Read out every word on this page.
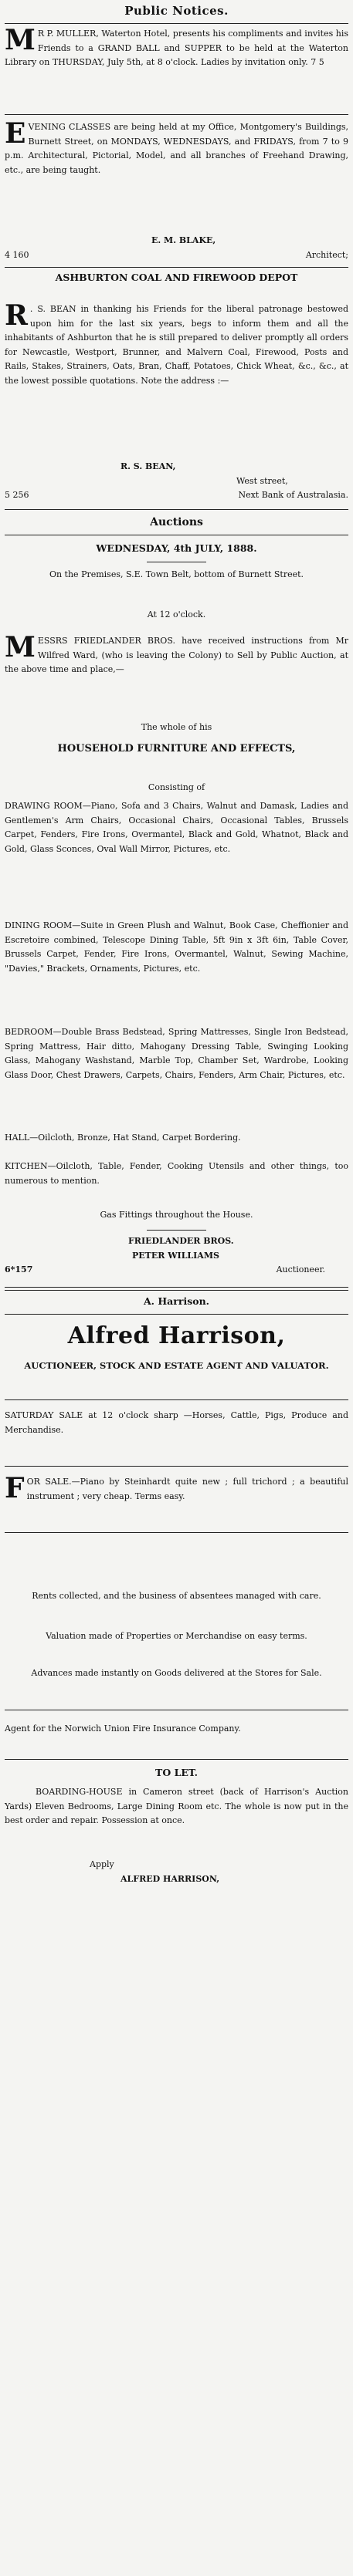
Public Notices.

M R P. MULLER, Waterton Hotel, presents his compliments and invites his Friends to a GRAND BALL and SUPPER to be held at the Waterton Library on THURSDAY, July 5th, at 8 o'clock. Ladies by invitation only. 7 5
E VENING CLASSES are being held at my Office, Montgomery's Buildings, Burnett Street, on MONDAYS, WEDNESDAYS, and FRIDAYS, from 7 to 9 p.m. Architectural, Pictorial, Model, and all branches of Freehand Drawing, etc., are being taught.

E. M. BLAKE,

4 160	Architect;

ASHBURTON COAL AND FIREWOOD DEPOT

R . S. BEAN in thanking his Friends for the liberal patronage bestowed upon him for the last six years, begs to inform them and all the inhabitants of Ashburton that he is still prepared to deliver promptly all orders for Newcastle, Westport, Brunner, and Malvern Coal, Firewood, Posts and Rails, Stakes, Strainers, Oats, Bran, Chaff, Potatoes, Chick Wheat, &c., &c., at the lowest possible quotations. Note the address :—

R. S. BEAN,

West street,

5 256	Next Bank of Australasia.

Auctions

WEDNESDAY, 4th JULY, 1888.

On the Premises, S.E. Town Belt, bottom of Burnett Street.

At 12 o'clock.

M ESSRS FRIEDLANDER BROS. have received instructions from Mr Wilfred Ward, (who is leaving the Colony) to Sell by Public Auction, at the above time and place,—

The whole of his

HOUSEHOLD FURNITURE AND EFFECTS,

Consisting of

DRAWING ROOM—Piano, Sofa and 3 Chairs, Walnut and Damask, Ladies and Gentlemen's Arm Chairs, Occasional Chairs, Occasional Tables, Brussels Carpet, Fenders, Fire Irons, Overmantel, Black and Gold, Whatnot, Black and Gold, Glass Sconces, Oval Wall Mirror, Pictures, etc.

DINING ROOM—Suite in Green Plush and Walnut, Book Case, Cheffionier and Escretoire combined, Telescope Dining Table, 5ft 9in x 3ft 6in, Table Cover, Brussels Carpet, Fender, Fire Irons, Overmantel, Walnut, Sewing Machine, "Davies," Brackets, Ornaments, Pictures, etc.

BEDROOM—Double Brass Bedstead, Spring Mattresses, Single Iron Bedstead, Spring Mattress, Hair ditto, Mahogany Dressing Table, Swinging Looking Glass, Mahogany Washstand, Marble Top, Chamber Set, Wardrobe, Looking Glass Door, Chest Drawers, Carpets, Chairs, Fenders, Arm Chair, Pictures, etc.

HALL—Oilcloth, Bronze, Hat Stand, Carpet Bordering.

KITCHEN—Oilcloth, Table, Fender, Cooking Utensils and other things, too numerous to mention.

Gas Fittings throughout the House.

FRIEDLANDER BROS.

PETER WILLIAMS

6*157	Auctioneer.

A. Harrison.

Alfred Harrison,

AUCTIONEER, STOCK AND ESTATE AGENT AND VALUATOR.

SATURDAY SALE at 12 o'clock sharp —Horses, Cattle, Pigs, Produce and Merchandise.

F OR SALE.—Piano by Steinhardt quite new ; full trichord ; a beautiful instrument ; very cheap. Terms easy.

Rents collected, and the business of absentees managed with care.

Valuation made of Properties or Merchandise on easy terms.

Advances made instantly on Goods delivered at the Stores for Sale.

Agent for the Norwich Union Fire Insurance Company.

TO LET.

BOARDING-HOUSE in Cameron street (back of Harrison's Auction Yards) Eleven Bedrooms, Large Dining Room etc. The whole is now put in the best order and repair. Possession at once.

Apply

ALFRED HARRISON,
